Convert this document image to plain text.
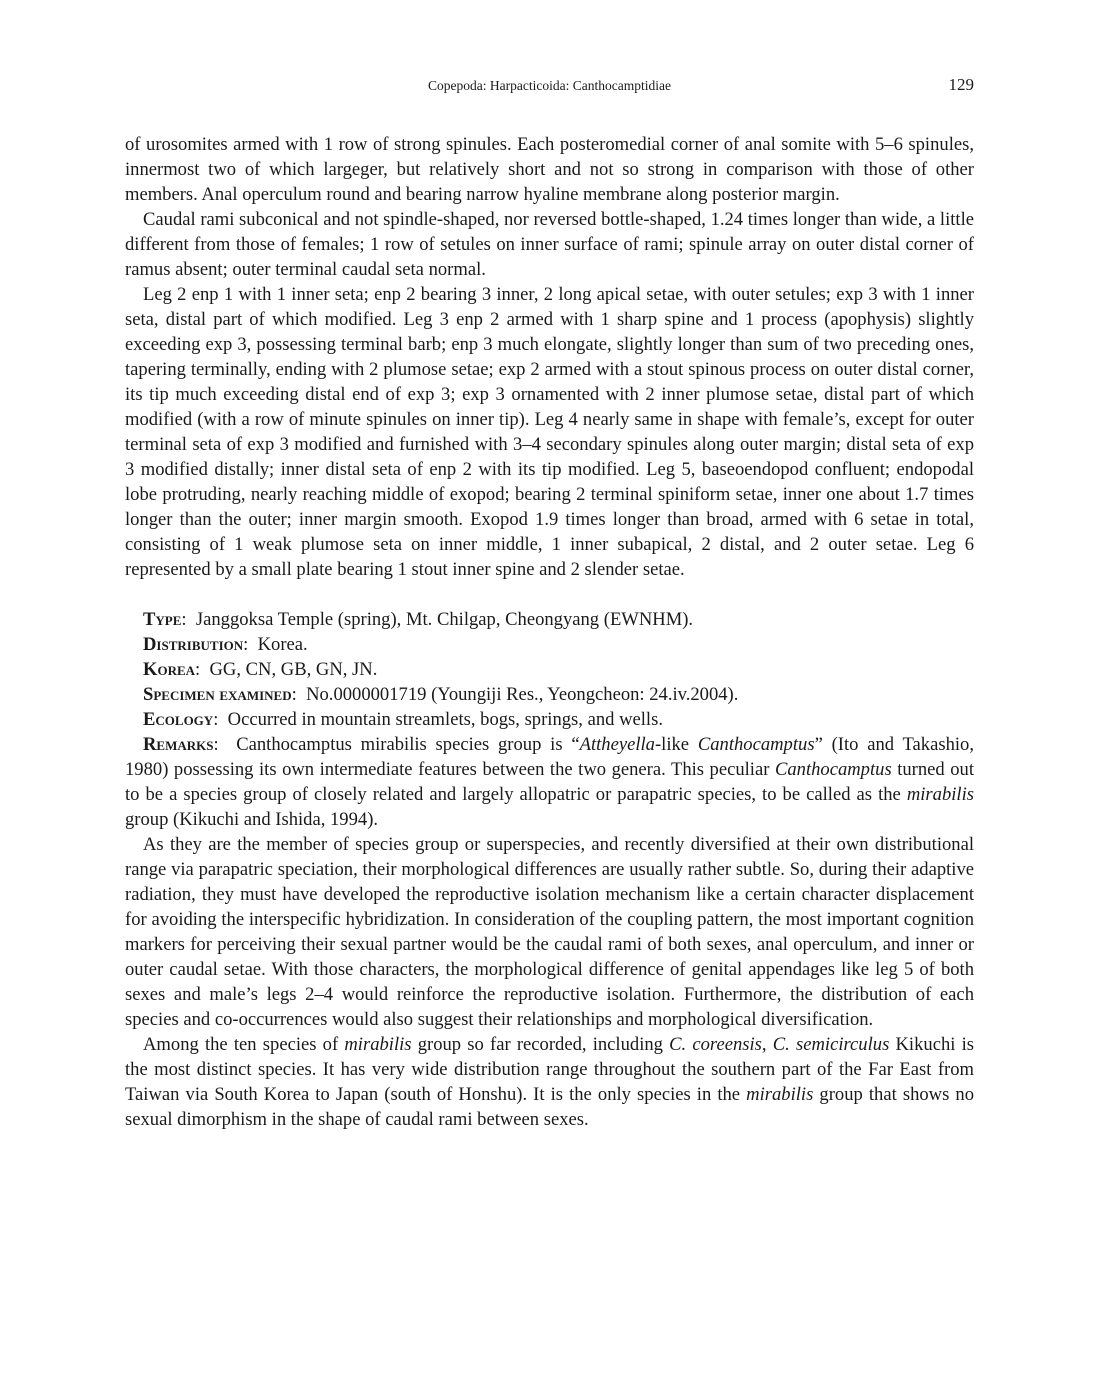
Copepoda: Harpacticoida: Canthocamptidiae	129

of urosomites armed with 1 row of strong spinules. Each posteromedial corner of anal somite with 5–6 spinules, innermost two of which largeger, but relatively short and not so strong in comparison with those of other members. Anal operculum round and bearing narrow hyaline membrane along posterior margin.

Caudal rami subconical and not spindle-shaped, nor reversed bottle-shaped, 1.24 times longer than wide, a little different from those of females; 1 row of setules on inner surface of rami; spinule array on outer distal corner of ramus absent; outer terminal caudal seta normal.

Leg 2 enp 1 with 1 inner seta; enp 2 bearing 3 inner, 2 long apical setae, with outer setules; exp 3 with 1 inner seta, distal part of which modified. Leg 3 enp 2 armed with 1 sharp spine and 1 process (apophysis) slightly exceeding exp 3, possessing terminal barb; enp 3 much elongate, slightly longer than sum of two preceding ones, tapering terminally, ending with 2 plumose setae; exp 2 armed with a stout spinous process on outer distal corner, its tip much exceeding distal end of exp 3; exp 3 ornamented with 2 inner plumose setae, distal part of which modified (with a row of minute spinules on inner tip). Leg 4 nearly same in shape with female’s, except for outer terminal seta of exp 3 modified and furnished with 3–4 secondary spinules along outer margin; distal seta of exp 3 modified distally; inner distal seta of enp 2 with its tip modified. Leg 5, baseoendopod confluent; endopodal lobe protruding, nearly reaching middle of exopod; bearing 2 terminal spiniform setae, inner one about 1.7 times longer than the outer; inner margin smooth. Exopod 1.9 times longer than broad, armed with 6 setae in total, consisting of 1 weak plumose seta on inner middle, 1 inner subapical, 2 distal, and 2 outer setae. Leg 6 represented by a small plate bearing 1 stout inner spine and 2 slender setae.

Type: Janggoksa Temple (spring), Mt. Chilgap, Cheongyang (EWNHM).

Distribution: Korea.

Korea: GG, CN, GB, GN, JN.

Specimen examined: No.0000001719 (Youngiji Res., Yeongcheon: 24.iv.2004).

Ecology: Occurred in mountain streamlets, bogs, springs, and wells.

Remarks: Canthocamptus mirabilis species group is “Attheyella-like Canthocamptus” (Ito and Takashio, 1980) possessing its own intermediate features between the two genera. This peculiar Canthocamptus turned out to be a species group of closely related and largely allopatric or parapatric species, to be called as the mirabilis group (Kikuchi and Ishida, 1994).

As they are the member of species group or superspecies, and recently diversified at their own distributional range via parapatric speciation, their morphological differences are usually rather subtle. So, during their adaptive radiation, they must have developed the reproductive isolation mechanism like a certain character displacement for avoiding the interspecific hybridization. In consideration of the coupling pattern, the most important cognition markers for perceiving their sexual partner would be the caudal rami of both sexes, anal operculum, and inner or outer caudal setae. With those characters, the morphological difference of genital appendages like leg 5 of both sexes and male’s legs 2–4 would reinforce the reproductive isolation. Furthermore, the distribution of each species and co-occurrences would also suggest their relationships and morphological diversification.

Among the ten species of mirabilis group so far recorded, including C. coreensis, C. semicirculus Kikuchi is the most distinct species. It has very wide distribution range throughout the southern part of the Far East from Taiwan via South Korea to Japan (south of Honshu). It is the only species in the mirabilis group that shows no sexual dimorphism in the shape of caudal rami between sexes.
